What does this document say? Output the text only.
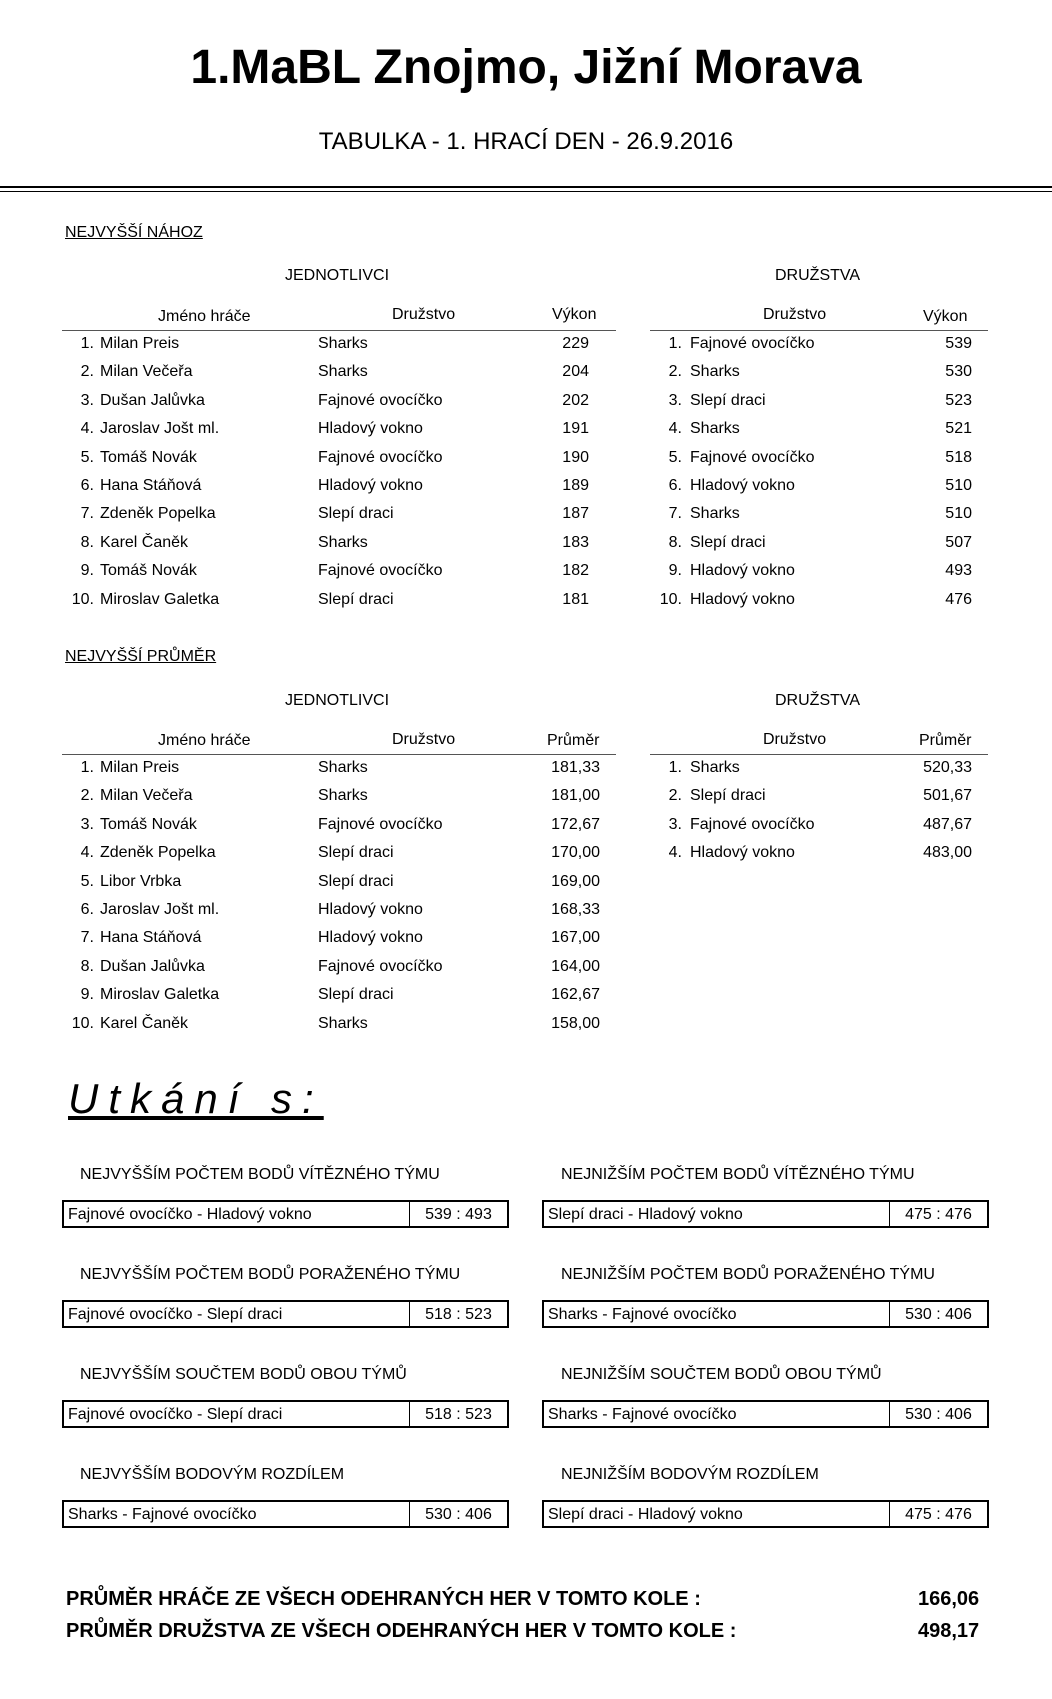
1.MaBL Znojmo, Jižní Morava
TABULKA - 1. HRACÍ DEN - 26.9.2016
NEJVYŠŠÍ NÁHOZ
JEDNOTLIVCI	DRUŽSTVA
Jméno hráče	Družstvo	Výkon	Družstvo	Výkon
1. Milan Preis	Sharks	229
2. Milan Večeřa	Sharks	204
3. Dušan Jalůvka	Fajnové ovocíčko	202
4. Jaroslav Jošt ml.	Hladový vokno	191
5. Tomáš Novák	Fajnové ovocíčko	190
6. Hana Stáňová	Hladový vokno	189
7. Zdeněk Popelka	Slepí draci	187
8. Karel Čaněk	Sharks	183
9. Tomáš Novák	Fajnové ovocíčko	182
10. Miroslav Galetka	Slepí draci	181
1. Fajnové ovocíčko	539
2. Sharks	530
3. Slepí draci	523
4. Sharks	521
5. Fajnové ovocíčko	518
6. Hladový vokno	510
7. Sharks	510
8. Slepí draci	507
9. Hladový vokno	493
10. Hladový vokno	476
NEJVYŠŠÍ PRŮMĚR
JEDNOTLIVCI	DRUŽSTVA
Jméno hráče	Družstvo	Průměr	Družstvo	Průměr
1. Milan Preis	Sharks	181,33
2. Milan Večeřa	Sharks	181,00
3. Tomáš Novák	Fajnové ovocíčko	172,67
4. Zdeněk Popelka	Slepí draci	170,00
5. Libor Vrbka	Slepí draci	169,00
6. Jaroslav Jošt ml.	Hladový vokno	168,33
7. Hana Stáňová	Hladový vokno	167,00
8. Dušan Jalůvka	Fajnové ovocíčko	164,00
9. Miroslav Galetka	Slepí draci	162,67
10. Karel Čaněk	Sharks	158,00
1. Sharks	520,33
2. Slepí draci	501,67
3. Fajnové ovocíčko	487,67
4. Hladový vokno	483,00
Utkání s:
NEJVYŠŠÍM POČTEM BODŮ VÍTĚZNÉHO TÝMU
Fajnové ovocíčko - Hladový vokno	539 : 493
NEJNIŽŠÍM POČTEM BODŮ VÍTĚZNÉHO TÝMU
Slepí draci - Hladový vokno	475 : 476
NEJVYŠŠÍM POČTEM BODŮ PORAŽENÉHO TÝMU
Fajnové ovocíčko - Slepí draci	518 : 523
NEJNIŽŠÍM POČTEM BODŮ PORAŽENÉHO TÝMU
Sharks - Fajnové ovocíčko	530 : 406
NEJVYŠŠÍM SOUČTEM BODŮ OBOU TÝMŮ
Fajnové ovocíčko - Slepí draci	518 : 523
NEJNIŽŠÍM SOUČTEM BODŮ OBOU TÝMŮ
Sharks - Fajnové ovocíčko	530 : 406
NEJVYŠŠÍM BODOVÝM ROZDÍLEM
Sharks - Fajnové ovocíčko	530 : 406
NEJNIŽŠÍM BODOVÝM ROZDÍLEM
Slepí draci - Hladový vokno	475 : 476
PRŮMĚR HRÁČE ZE VŠECH ODEHRANÝCH HER V TOMTO KOLE :	166,06
PRŮMĚR DRUŽSTVA ZE VŠECH ODEHRANÝCH HER V TOMTO KOLE :	498,17
